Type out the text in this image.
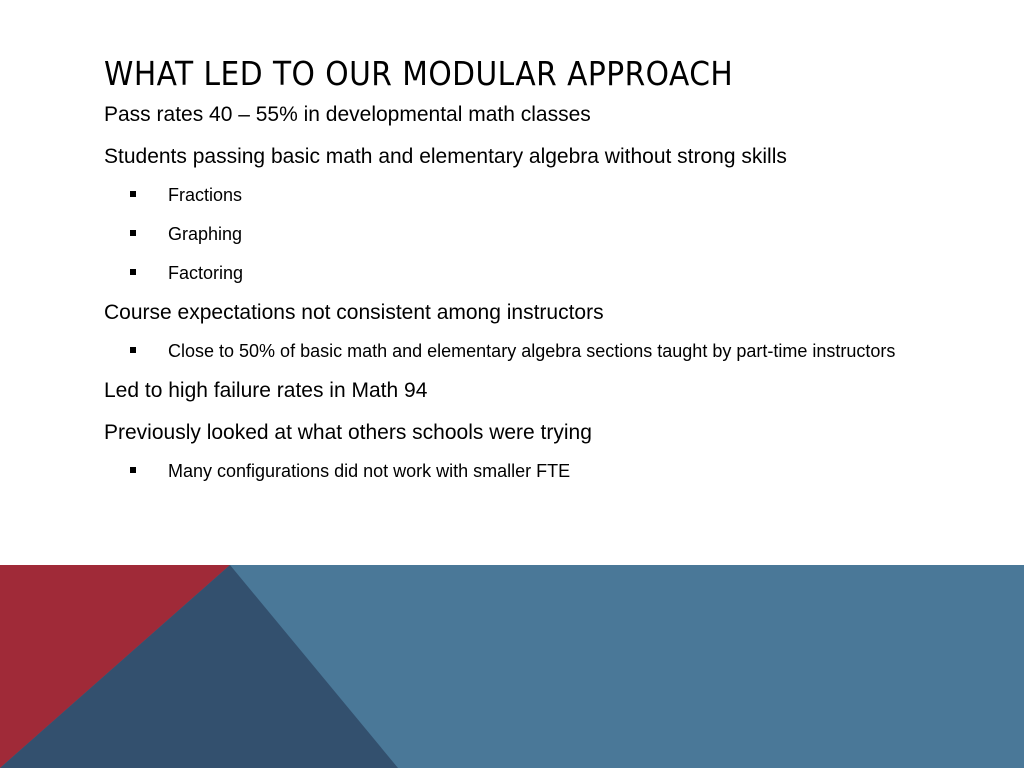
WHAT LED TO OUR MODULAR APPROACH

Pass rates 40 – 55% in developmental math classes

Students passing basic math and elementary algebra without strong skills

Fractions
Graphing
Factoring

Course expectations not consistent among instructors

Close to 50% of basic math and elementary algebra sections taught by part-time instructors

Led to high failure rates in Math 94

Previously looked at what others schools were trying

Many configurations did not work with smaller FTE
